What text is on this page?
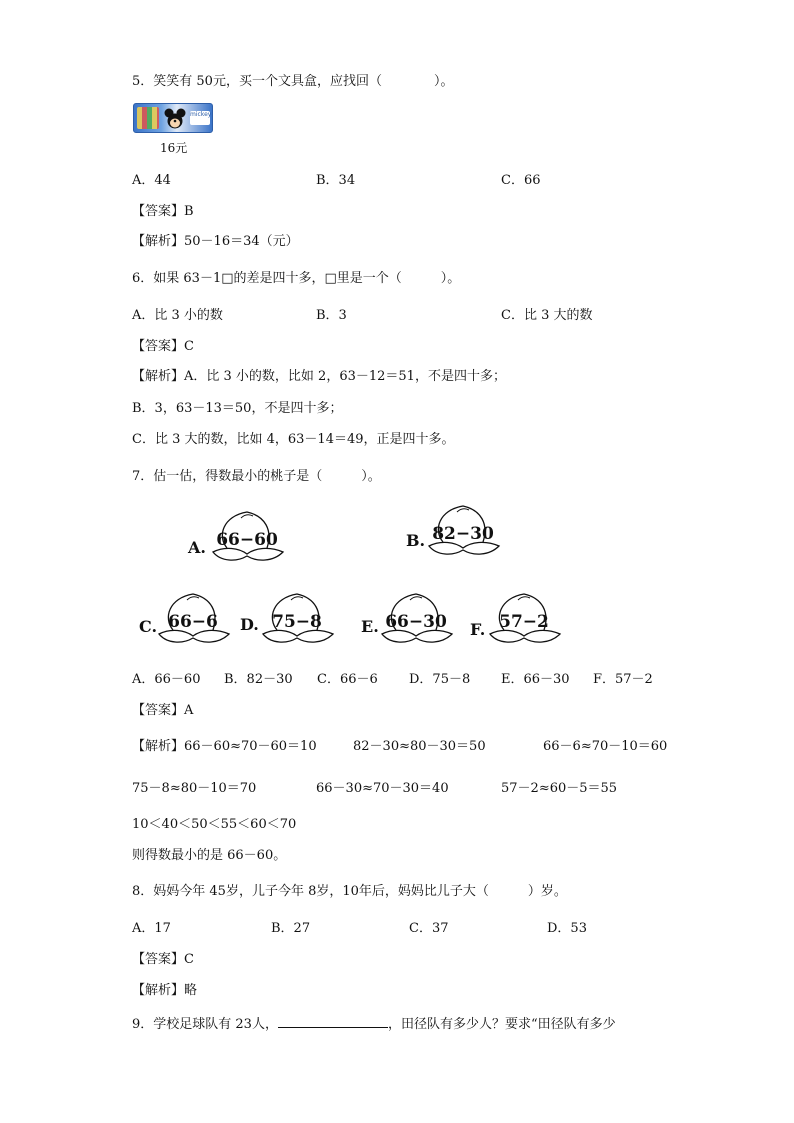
5．笑笑有 50元，买一个文具盒，应找回（　　　　）。
mickey
16元
A．44	B．34	C．66
【答案】B
【解析】50－16＝34（元）
6．如果 63－1□的差是四十多，□里是一个（　　　）。
A．比 3 小的数	B．3	C．比 3 大的数
【答案】C
【解析】A．比 3 小的数，比如 2，63－12＝51，不是四十多；
B．3，63－13＝50，不是四十多；
C．比 3 大的数，比如 4，63－14＝49，正是四十多。
7．估一估，得数最小的桃子是（　　　）。
A. 66−60	B. 82−30
C. 66−6	D. 75−8	E. 66−30	F. 57−2
A．66－60 B．82－30 C．66－6 D．75－8 E．66－30 F．57－2
【答案】A
【解析】66－60≈70－60＝10	82－30≈80－30＝50	66－6≈70－10＝60
75－8≈80－10＝70	66－30≈70－30＝40	57－2≈60－5＝55
10＜40＜50＜55＜60＜70
则得数最小的是 66－60。
8．妈妈今年 45岁，儿子今年 8岁，10年后，妈妈比儿子大（　　　）岁。
A．17	B．27	C．37	D．53
【答案】C
【解析】略
9．学校足球队有 23人，	，田径队有多少人？要求“田径队有多少
